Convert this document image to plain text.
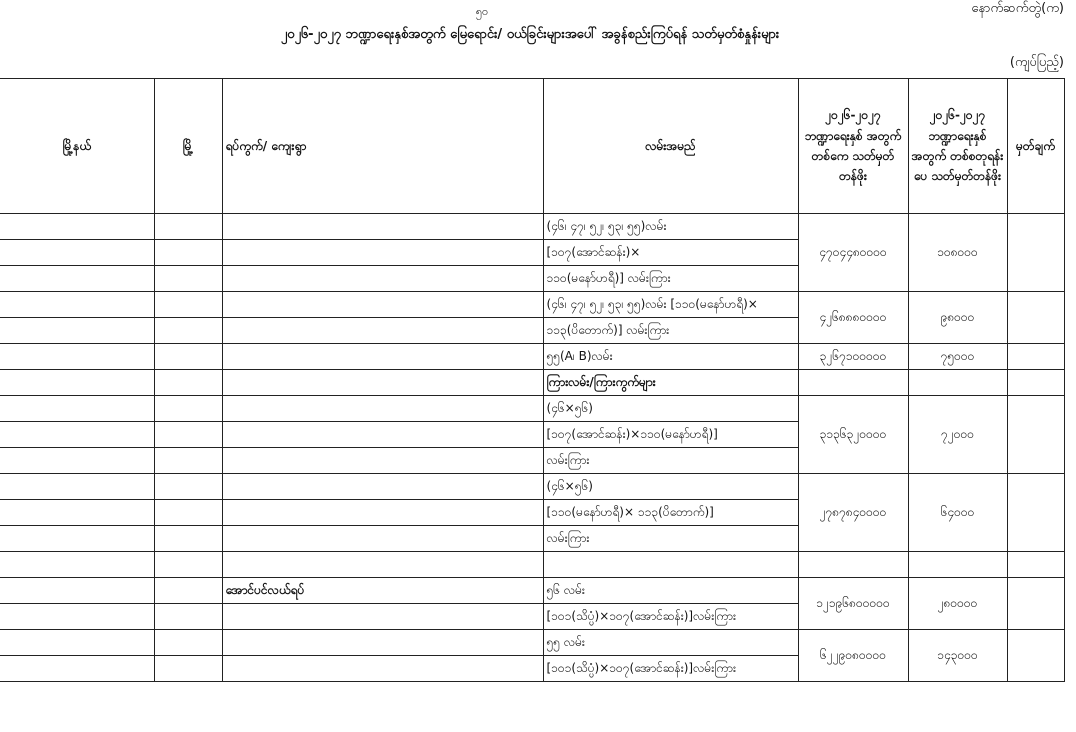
၅၀	နောက်ဆက်တွဲ(က)
၂၀၂၆-၂၀၂၇ ဘဏ္ဍာရေးနှစ်အတွက် မြေရောင်း/ ဝယ်ခြင်းများအပေါ် အခွန်စည်းကြပ်ရန် သတ်မှတ်စံနှုန်းများ
(ကျပ်ပြည့်)
မြို့နယ်	မြို့	ရပ်ကွက်/ ကျေးရွာ	လမ်းအမည်	၂၀၂၆-၂၀၂၇ ဘဏ္ဍာရေးနှစ် အတွက် တစ်ကေ သတ်မှတ်တန်ဖိုး	၂၀၂၆-၂၀၂၇ ဘဏ္ဍာရေးနှစ် အတွက် တစ်စတုရန်းပေ သတ်မှတ်တန်ဖိုး	မှတ်ချက်
			(၄၆၊ ၄၇၊ ၅၂၊ ၅၃၊ ၅၅)လမ်း	၄၇၀၄၄၈၀၀၀၀	၁၀၈၀၀၀	
			[၁၀၇(အောင်ဆန်း)×			
			၁၁၀(မနော်ဟရီ)] လမ်းကြား			
			(၄၆၊ ၄၇၊ ၅၂၊ ၅၃၊ ၅၅)လမ်း [၁၁၀(မနော်ဟရီ)×	၄၂၆၈၈၈၀၀၀၀	၉၈၀၀၀	
			၁၁၃(ပိတောက်)] လမ်းကြား			
			၅၅(A၊ B)လမ်း	၃၂၆၇၁၀၀၀၀၀	၇၅၀၀၀	
			ကြားလမ်း/ကြားကွက်များ			
			(၄၆×၅၆)	၃၁၃၆၃၂၀၀၀၀	၇၂၀၀၀	
			[၁၀၇(အောင်ဆန်း)×၁၁၀(မနော်ဟရီ)]			
			လမ်းကြား			
			(၄၆×၅၆)	၂၇၈၇၈၄၀၀၀၀	၆၄၀၀၀	
			[၁၁၀(မနော်ဟရီ)× ၁၁၃(ပိတောက်)]			
			လမ်းကြား			

		အောင်ပင်လယ်ရပ်	၅၆ လမ်း	၁၂၁၉၆၈၀၀၀၀၀	၂၈၀၀၀၀	
			[၁၀၁(သိပ္ပံ)×၁၀၇(အောင်ဆန်း)]လမ်းကြား			
			၅၅ လမ်း	၆၂၂၉၀၈၀၀၀၀	၁၄၃၀၀၀	
			[၁၀၁(သိပ္ပံ)×၁၀၇(အောင်ဆန်း)]လမ်းကြား			
